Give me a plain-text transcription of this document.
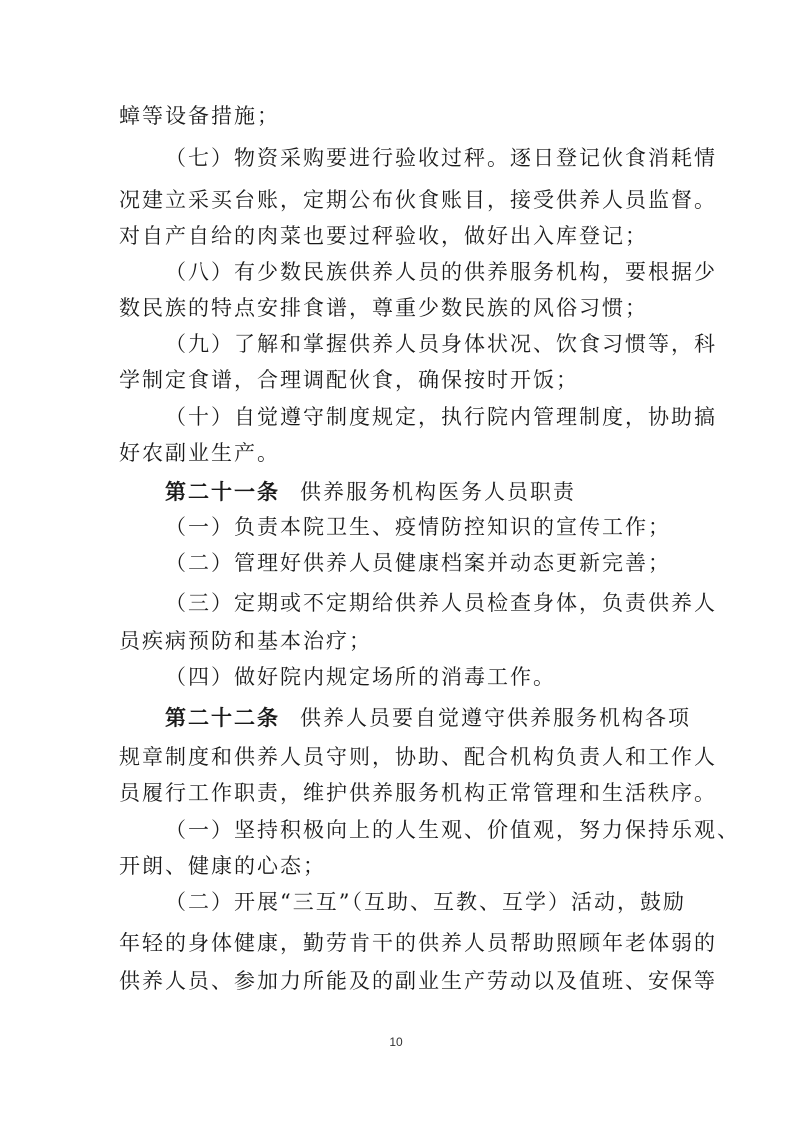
蟑等设备措施；
（七）物资采购要进行验收过秤。逐日登记伙食消耗情
况建立采买台账，定期公布伙食账目，接受供养人员监督。
对自产自给的肉菜也要过秤验收，做好出入库登记；
（八）有少数民族供养人员的供养服务机构，要根据少
数民族的特点安排食谱，尊重少数民族的风俗习惯；
（九）了解和掌握供养人员身体状况、饮食习惯等，科
学制定食谱，合理调配伙食，确保按时开饭；
（十）自觉遵守制度规定，执行院内管理制度，协助搞
好农副业生产。
第二十一条 供养服务机构医务人员职责
（一）负责本院卫生、疫情防控知识的宣传工作；
（二）管理好供养人员健康档案并动态更新完善；
（三）定期或不定期给供养人员检查身体，负责供养人
员疾病预防和基本治疗；
（四）做好院内规定场所的消毒工作。
第二十二条 供养人员要自觉遵守供养服务机构各项
规章制度和供养人员守则，协助、配合机构负责人和工作人
员履行工作职责，维护供养服务机构正常管理和生活秩序。
（一）坚持积极向上的人生观、价值观，努力保持乐观、
开朗、健康的心态；
（二）开展“三互”（互助、互教、互学）活动，鼓励
年轻的身体健康，勤劳肯干的供养人员帮助照顾年老体弱的
供养人员、参加力所能及的副业生产劳动以及值班、安保等
10
